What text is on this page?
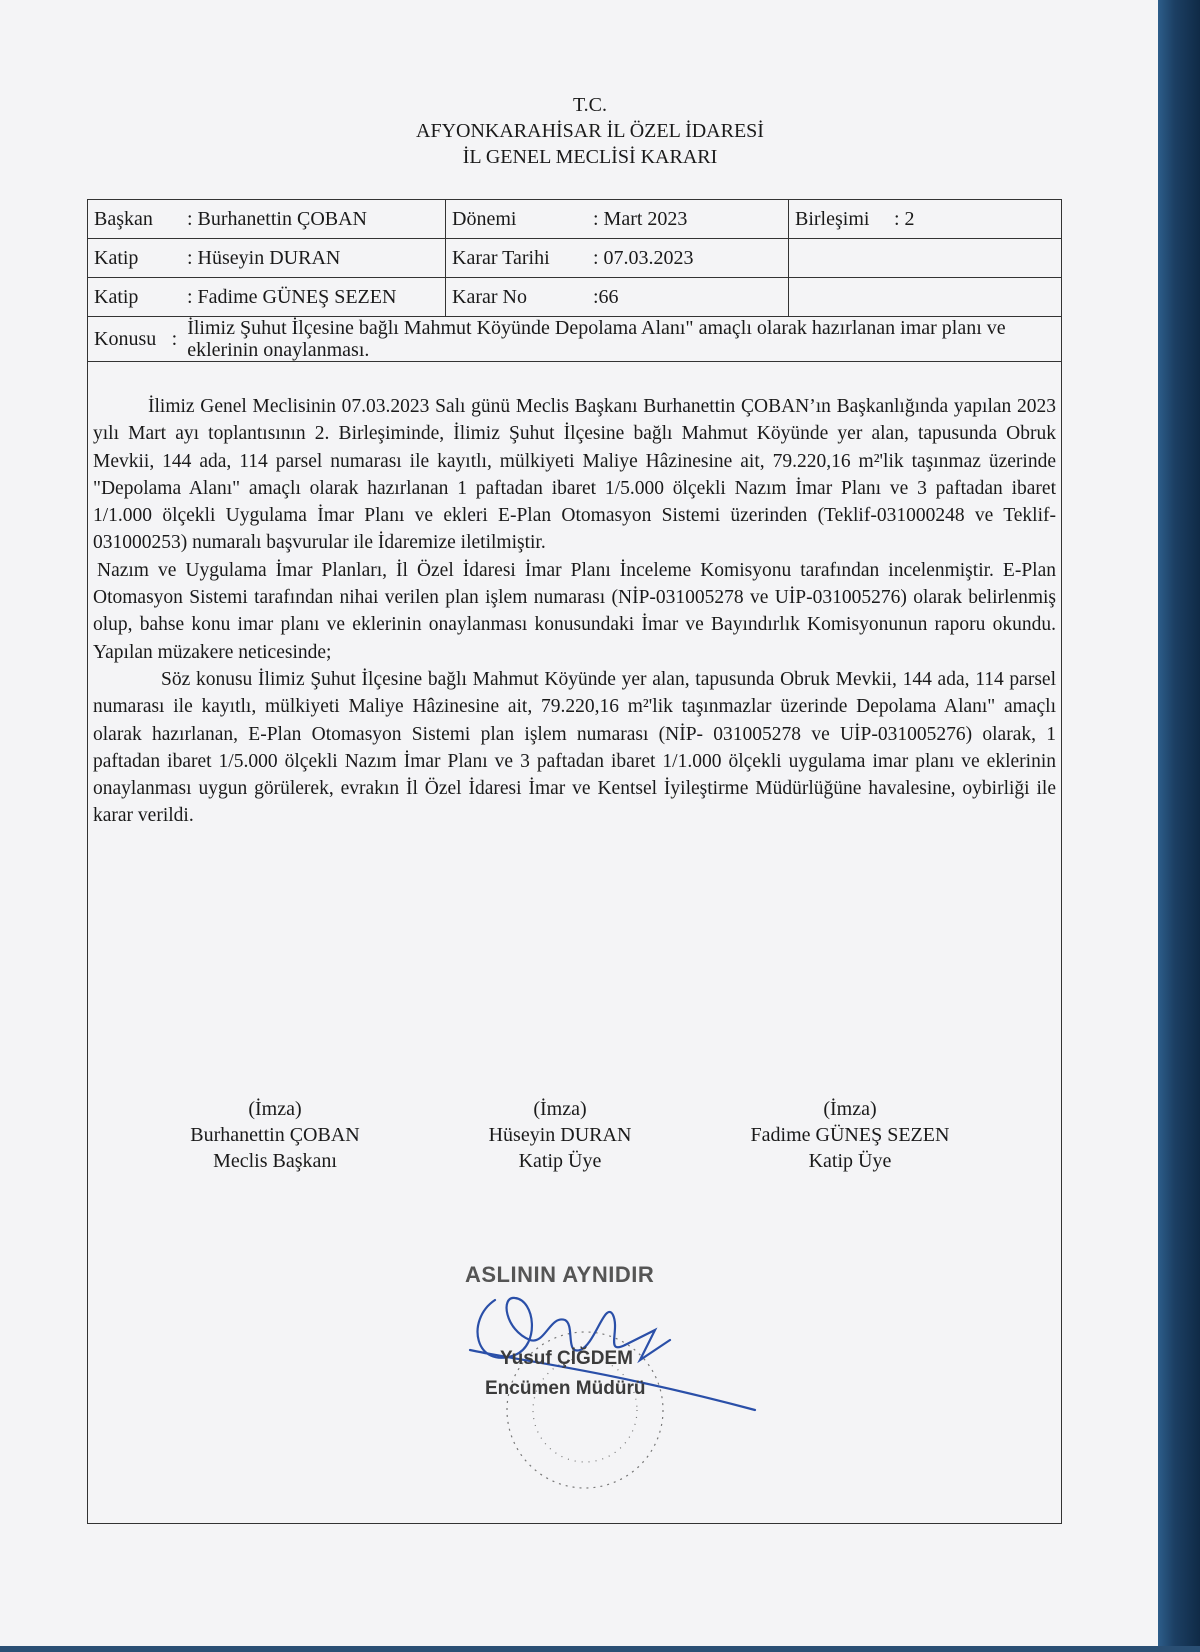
T.C.
AFYONKARAHİSAR İL ÖZEL İDARESİ
İL GENEL MECLİSİ KARARI
Başkan : Burhanettin ÇOBAN	Dönemi : Mart 2023	Birleşimi : 2
Katip : Hüseyin DURAN	Karar Tarihi : 07.03.2023	
Katip : Fadime GÜNEŞ SEZEN	Karar No :66	

Konusu : İlimiz Şuhut İlçesine bağlı Mahmut Köyünde Depolama Alanı" amaçlı olarak hazırlanan imar planı ve eklerinin onaylanması.		

İlimiz Genel Meclisinin 07.03.2023 Salı günü Meclis Başkanı Burhanettin ÇOBAN’ın Başkanlığında yapılan 2023 yılı Mart ayı toplantısının 2. Birleşiminde, İlimiz Şuhut İlçesine bağlı Mahmut Köyünde yer alan, tapusunda Obruk Mevkii, 144 ada, 114 parsel numarası ile kayıtlı, mülkiyeti Maliye Hâzinesine ait, 79.220,16 m²'lik taşınmaz üzerinde "Depolama Alanı" amaçlı olarak hazırlanan 1 paftadan ibaret 1/5.000 ölçekli Nazım İmar Planı ve 3 paftadan ibaret 1/1.000 ölçekli Uygulama İmar Planı ve ekleri E-Plan Otomasyon Sistemi üzerinden (Teklif-031000248 ve Teklif-031000253) numaralı başvurular ile İdaremize iletilmiştir.

Nazım ve Uygulama İmar Planları, İl Özel İdaresi İmar Planı İnceleme Komisyonu tarafından incelenmiştir. E-Plan Otomasyon Sistemi tarafından nihai verilen plan işlem numarası (NİP-031005278 ve UİP-031005276) olarak belirlenmiş olup, bahse konu imar planı ve eklerinin onaylanması konusundaki İmar ve Bayındırlık Komisyonunun raporu okundu. Yapılan müzakere neticesinde;

Söz konusu İlimiz Şuhut İlçesine bağlı Mahmut Köyünde yer alan, tapusunda Obruk Mevkii, 144 ada, 114 parsel numarası ile kayıtlı, mülkiyeti Maliye Hâzinesine ait, 79.220,16 m²'lik taşınmazlar üzerinde Depolama Alanı" amaçlı olarak hazırlanan, E-Plan Otomasyon Sistemi plan işlem numarası (NİP- 031005278 ve UİP-031005276) olarak, 1 paftadan ibaret 1/5.000 ölçekli Nazım İmar Planı ve 3 paftadan ibaret 1/1.000 ölçekli uygulama imar planı ve eklerinin onaylanması uygun görülerek, evrakın İl Özel İdaresi İmar ve Kentsel İyileştirme Müdürlüğüne havalesine, oybirliği ile karar verildi.

(İmza)
Burhanettin ÇOBAN
Meclis Başkanı
(İmza)
Hüseyin DURAN
Katip Üye
(İmza)
Fadime GÜNEŞ SEZEN
Katip Üye
ASLININ AYNIDIR
Yusuf ÇİĞDEM
Encümen Müdürü
